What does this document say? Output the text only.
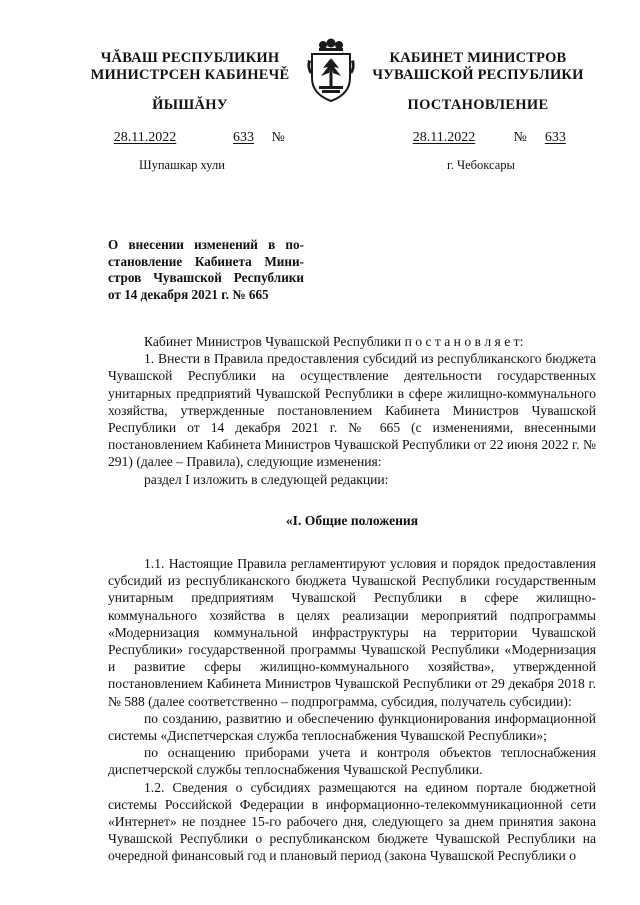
ЧĂВАШ РЕСПУБЛИКИН
МИНИСТРСЕН КАБИНЕЧĚ
ЙЫШĂНУ
КАБИНЕТ МИНИСТРОВ
ЧУВАШСКОЙ РЕСПУБЛИКИ
ПОСТАНОВЛЕНИЕ
28.11.2022	633 №	28.11.2022	№ 633
Шупашкар хули	г. Чебоксары
О внесении изменений в по-
становление Кабинета Мини-
стров Чувашской Республики
от 14 декабря 2021 г. № 665

Кабинет Министров Чувашской Республики п о с т а н о в л я е т:

1. Внести в Правила предоставления субсидий из республиканского бюджета Чувашской Республики на осуществление деятельности государственных унитарных предприятий Чувашской Республики в сфере жилищно-коммунального хозяйства, утвержденные постановлением Кабинета Министров Чувашской Республики от 14 декабря 2021 г. № 665 (с изменениями, внесенными постановлением Кабинета Министров Чувашской Республики от 22 июня 2022 г. № 291) (далее – Правила), следующие изменения:

раздел I изложить в следующей редакции:

«I. Общие положения

1.1. Настоящие Правила регламентируют условия и порядок предоставления субсидий из республиканского бюджета Чувашской Республики государственным унитарным предприятиям Чувашской Республики в сфере жилищно-коммунального хозяйства в целях реализации мероприятий подпрограммы «Модернизация коммунальной инфраструктуры на территории Чувашской Республики» государственной программы Чувашской Республики «Модернизация и развитие сферы жилищно-коммунального хозяйства», утвержденной постановлением Кабинета Министров Чувашской Республики от 29 декабря 2018 г. № 588 (далее соответственно – подпрограмма, субсидия, получатель субсидии):

по созданию, развитию и обеспечению функционирования информационной системы «Диспетчерская служба теплоснабжения Чувашской Республики»;

по оснащению приборами учета и контроля объектов теплоснабжения диспетчерской службы теплоснабжения Чувашской Республики.

1.2. Сведения о субсидиях размещаются на едином портале бюджетной системы Российской Федерации в информационно-телекоммуникационной сети «Интернет» не позднее 15-го рабочего дня, следующего за днем принятия закона Чувашской Республики о республиканском бюджете Чувашской Республики на очередной финансовый год и плановый период (закона Чувашской Республики о
